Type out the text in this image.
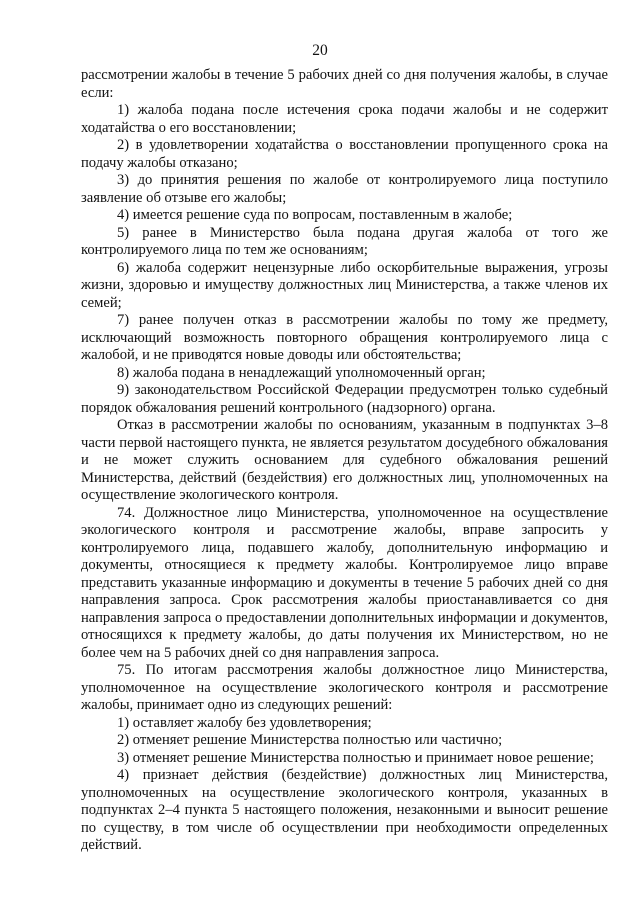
20

рассмотрении жалобы в течение 5 рабочих дней со дня получения жалобы, в случае если:

1) жалоба подана после истечения срока подачи жалобы и не содержит ходатайства о его восстановлении;

2) в удовлетворении ходатайства о восстановлении пропущенного срока на подачу жалобы отказано;

3) до принятия решения по жалобе от контролируемого лица поступило заявление об отзыве его жалобы;

4) имеется решение суда по вопросам, поставленным в жалобе;

5) ранее в Министерство была подана другая жалоба от того же контролируемого лица по тем же основаниям;

6) жалоба содержит нецензурные либо оскорбительные выражения, угрозы жизни, здоровью и имуществу должностных лиц Министерства, а также членов их семей;

7) ранее получен отказ в рассмотрении жалобы по тому же предмету, исключающий возможность повторного обращения контролируемого лица с жалобой, и не приводятся новые доводы или обстоятельства;

8) жалоба подана в ненадлежащий уполномоченный орган;

9) законодательством Российской Федерации предусмотрен только судебный порядок обжалования решений контрольного (надзорного) органа.

Отказ в рассмотрении жалобы по основаниям, указанным в подпунктах 3–8 части первой настоящего пункта, не является результатом досудебного обжалования и не может служить основанием для судебного обжалования решений Министерства, действий (бездействия) его должностных лиц, уполномоченных на осуществление экологического контроля.

74. Должностное лицо Министерства, уполномоченное на осуществление экологического контроля и рассмотрение жалобы, вправе запросить у контролируемого лица, подавшего жалобу, дополнительную информацию и документы, относящиеся к предмету жалобы. Контролируемое лицо вправе представить указанные информацию и документы в течение 5 рабочих дней со дня направления запроса. Срок рассмотрения жалобы приостанавливается со дня направления запроса о предоставлении дополнительных информации и документов, относящихся к предмету жалобы, до даты получения их Министерством, но не более чем на 5 рабочих дней со дня направления запроса.

75. По итогам рассмотрения жалобы должностное лицо Министерства, уполномоченное на осуществление экологического контроля и рассмотрение жалобы, принимает одно из следующих решений:

1) оставляет жалобу без удовлетворения;

2) отменяет решение Министерства полностью или частично;

3) отменяет решение Министерства полностью и принимает новое решение;

4) признает действия (бездействие) должностных лиц Министерства, уполномоченных на осуществление экологического контроля, указанных в подпунктах 2–4 пункта 5 настоящего положения, незаконными и выносит решение по существу, в том числе об осуществлении при необходимости определенных действий.
